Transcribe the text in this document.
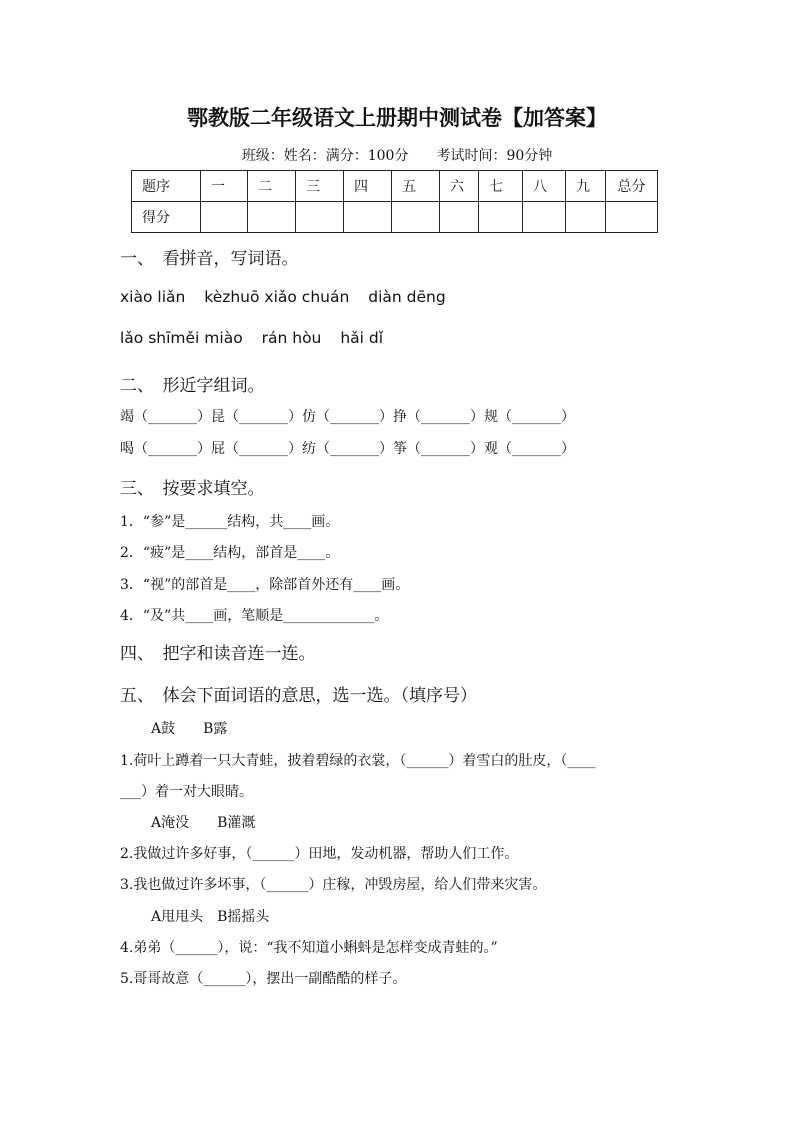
鄂教版二年级语文上册期中测试卷【加答案】
班级：姓名：满分：100分　　考试时间：90分钟
题序	一	二	三	四	五	六	七	八	九	总分
得分										
一、　看拼音，写词语。
xiào liǎn kèzhuō xiǎo chuán diàn dēng
lǎo shīměi miào rán hòu hǎi dǐ
二、　形近字组词。
竭（_______）昆（_______）仿（_______）挣（_______）规（_______）
喝（_______）屁（_______）纺（_______）筝（_______）观（_______）
三、　按要求填空。
1．“参”是______结构，共____画。
2．“疲”是____结构，部首是____。
3．“视”的部首是____，除部首外还有____画。
4．“及”共____画，笔顺是_____________。
四、　把字和读音连一连。
五、　体会下面词语的意思，选一选。（填序号）
A鼓　　B露
1.荷叶上蹲着一只大青蛙，披着碧绿的衣裳，（______）着雪白的肚皮，（____
___）着一对大眼睛。
A淹没　　B灌溉
2.我做过许多好事，（______）田地，发动机器，帮助人们工作。
3.我也做过许多坏事，（______）庄稼，冲毁房屋，给人们带来灾害。
A甩甩头　B摇摇头
4.弟弟（______），说：“我不知道小蝌蚪是怎样变成青蛙的。”
5.哥哥故意（______），摆出一副酷酷的样子。
